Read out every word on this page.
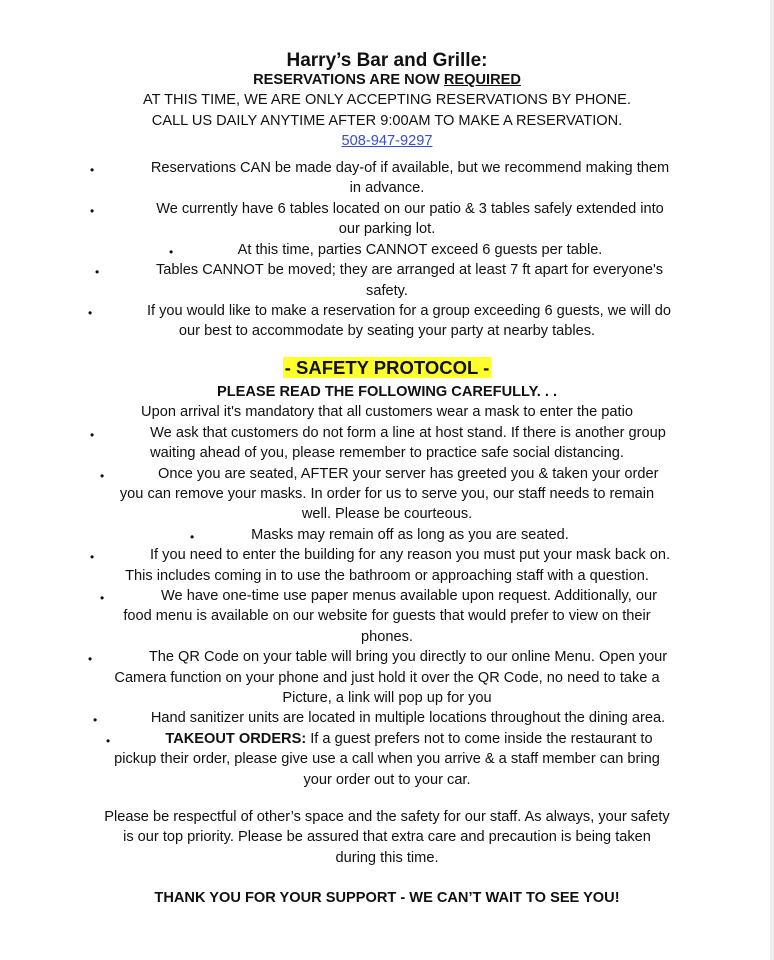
Harry’s Bar and Grille:
RESERVATIONS ARE NOW REQUIRED
AT THIS TIME, WE ARE ONLY ACCEPTING RESERVATIONS BY PHONE.
CALL US DAILY ANYTIME AFTER 9:00AM TO MAKE A RESERVATION.
508-947-9297
•	Reservations CAN be made day-of if available, but we recommend making them
in advance.
•	We currently have 6 tables located on our patio & 3 tables safely extended into
our parking lot.
•	At this time, parties CANNOT exceed 6 guests per table.
•	Tables CANNOT be moved; they are arranged at least 7 ft apart for everyone's
safety.
•	If you would like to make a reservation for a group exceeding 6 guests, we will do
our best to accommodate by seating your party at nearby tables.
- SAFETY PROTOCOL -
PLEASE READ THE FOLLOWING CAREFULLY. . .
Upon arrival it's mandatory that all customers wear a mask to enter the patio
•	We ask that customers do not form a line at host stand. If there is another group
waiting ahead of you, please remember to practice safe social distancing.
•	Once you are seated, AFTER your server has greeted you & taken your order
you can remove your masks. In order for us to serve you, our staff needs to remain
well. Please be courteous.
•	Masks may remain off as long as you are seated.
•	If you need to enter the building for any reason you must put your mask back on.
This includes coming in to use the bathroom or approaching staff with a question.
•	We have one-time use paper menus available upon request. Additionally, our
food menu is available on our website for guests that would prefer to view on their
phones.
•	The QR Code on your table will bring you directly to our online Menu. Open your
Camera function on your phone and just hold it over the QR Code, no need to take a
Picture, a link will pop up for you
•	Hand sanitizer units are located in multiple locations throughout the dining area.
•	TAKEOUT ORDERS: If a guest prefers not to come inside the restaurant to
pickup their order, please give use a call when you arrive & a staff member can bring
your order out to your car.
Please be respectful of other’s space and the safety for our staff. As always, your safety
is our top priority. Please be assured that extra care and precaution is being taken
during this time.
THANK YOU FOR YOUR SUPPORT - WE CAN’T WAIT TO SEE YOU!
